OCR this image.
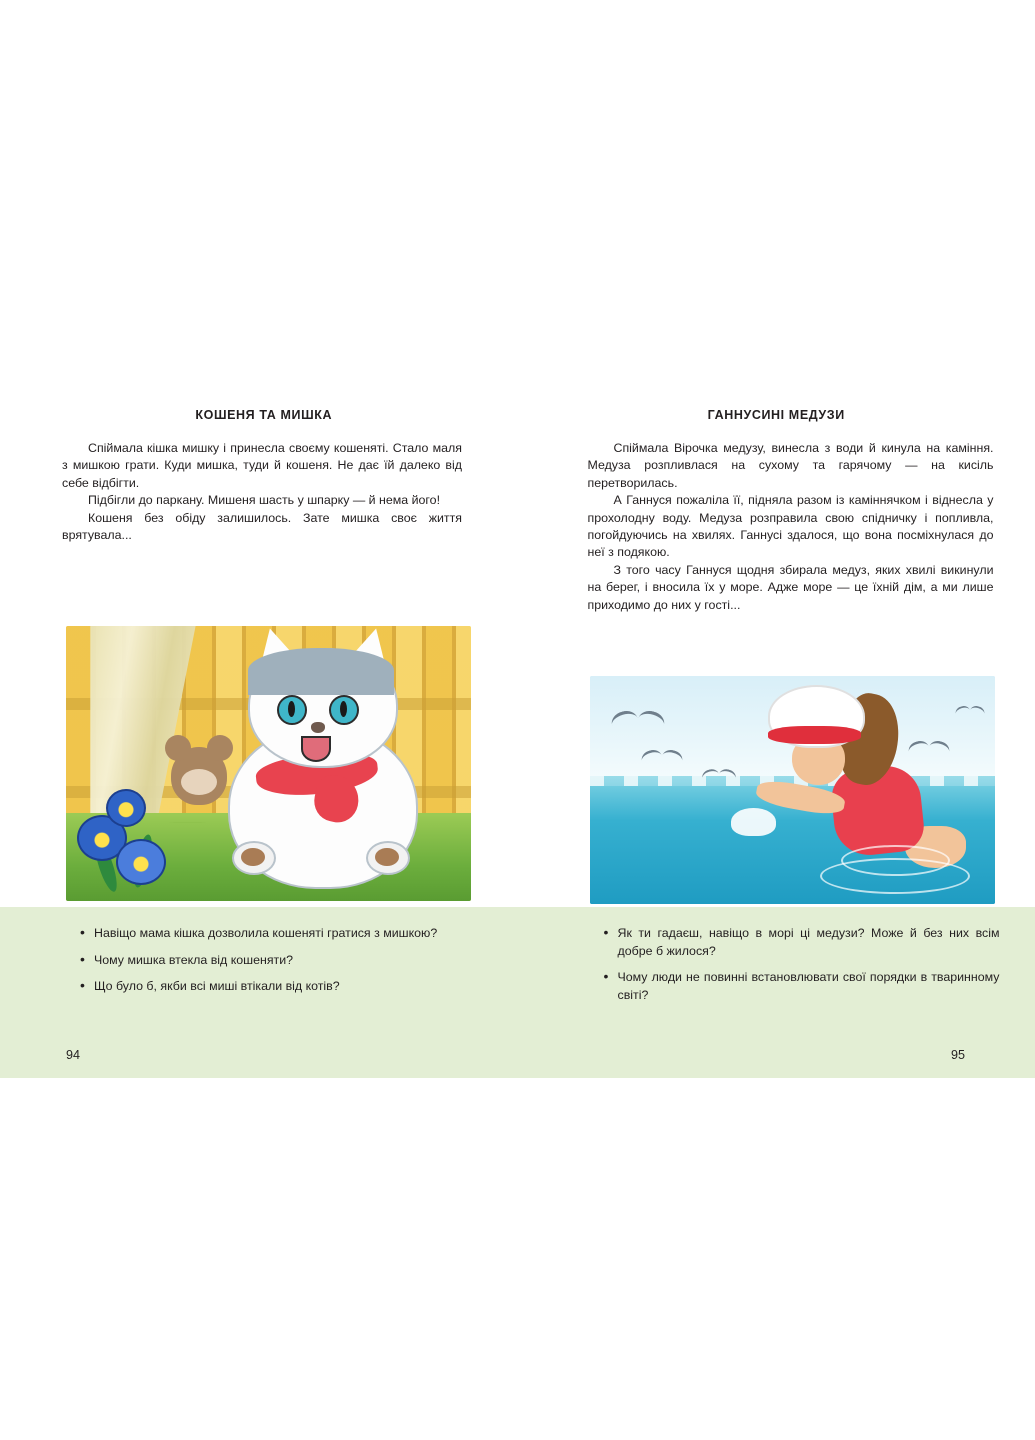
КОШЕНЯ ТА МИШКА

Спіймала кішка мишку і принесла своєму кошеняті. Стало маля з мишкою грати. Куди мишка, туди й кошеня. Не дає їй далеко від себе відбігти.

Підбігли до паркану. Мишеня шасть у шпарку — й нема його!

Кошеня без обіду залишилось. Зате мишка своє життя врятувала...

ГАННУСИНІ МЕДУЗИ

Спіймала Вірочка медузу, винесла з води й кинула на каміння. Медуза розпливлася на сухому та гарячому — на кисіль перетворилась.

А Ганнуся пожаліла її, підняла разом із каміннячком і віднесла у прохолодну воду. Медуза розправила свою спідничку і попливла, погойдуючись на хвилях. Ганнусі здалося, що вона посміхнулася до неї з подякою.

З того часу Ганнуся щодня збирала медуз, яких хвилі викинули на берег, і вносила їх у море. Адже море — це їхній дім, а ми лише приходимо до них у гості...

• Навіщо мама кішка дозволила кошеняті гратися з мишкою?
• Чому мишка втекла від кошеняти?
• Що було б, якби всі миші втікали від котів?
94
• Як ти гадаєш, навіщо в морі ці медузи? Може й без них всім добре б жилося?
• Чому люди не повинні встановлювати свої порядки в тваринному світі?
95
